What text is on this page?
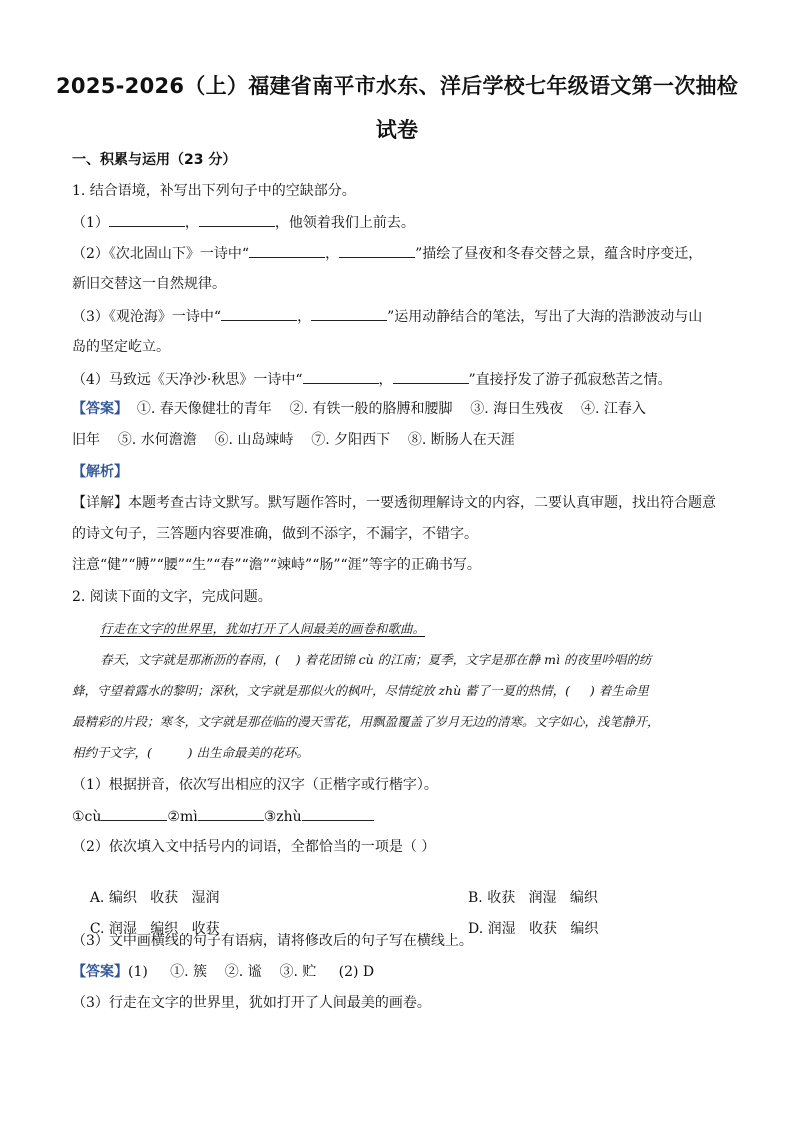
2025-2026（上）福建省南平市水东、洋后学校七年级语文第一次抽检
试卷
一、积累与运用（23 分）
1. 结合语境，补写出下列句子中的空缺部分。
（1）	，	，他领着我们上前去。
（2）《次北固山下》一诗中“	，	”描绘了昼夜和冬春交替之景，蕴含时序变迁，
新旧交替这一自然规律。
（3）《观沧海》一诗中“	，	”运用动静结合的笔法，写出了大海的浩渺波动与山
岛的坚定屹立。
（4）马致远《天净沙·秋思》一诗中“	，	”直接抒发了游子孤寂愁苦之情。
【答案】  ①. 春天像健壮的青年    ②. 有铁一般的胳膊和腰脚    ③. 海日生残夜    ④. 江春入
旧年    ⑤. 水何澹澹    ⑥. 山岛竦峙    ⑦. 夕阳西下    ⑧. 断肠人在天涯
【解析】
【详解】本题考查古诗文默写。默写题作答时，一要透彻理解诗文的内容，二要认真审题，找出符合题意
的诗文句子，三答题内容要准确，做到不添字，不漏字，不错字。
注意“健”“膊”“腰”“生”“春”“澹”“竦峙”“肠”“涯”等字的正确书写。
2. 阅读下面的文字，完成问题。
行走在文字的世界里，犹如打开了人间最美的画卷和歌曲。
春天，文字就是那淅沥的春雨，(    ) 着花团锦 cù 的江南；夏季，文字是那在静 mì 的夜里吟唱的纺
蜂，守望着露水的黎明；深秋，文字就是那似火的枫叶，尽情绽放 zhù 蓄了一夏的热情，(     ) 着生命里
最精彩的片段；寒冬，文字就是那莅临的漫天雪花，用飘盈覆盖了岁月无边的清寒。文字如心，浅笔静开，
相约于文字，(         ) 出生命最美的花环。
（1）根据拼音，依次写出相应的汉字（正楷字或行楷字）。
①cù	②mì	③zhù
（2）依次填入文中括号内的词语，全都恰当的一项是（ ）

A. 编织   收获   湿润	B. 收获   润湿   编织

C. 润湿   编织   收获	D. 润湿   收获   编织

（3）文中画横线的句子有语病，请将修改后的句子写在横线上。
【答案】(1)     ①. 簇    ②. 谧    ③. 贮     (2) D
（3）行走在文字的世界里，犹如打开了人间最美的画卷。
